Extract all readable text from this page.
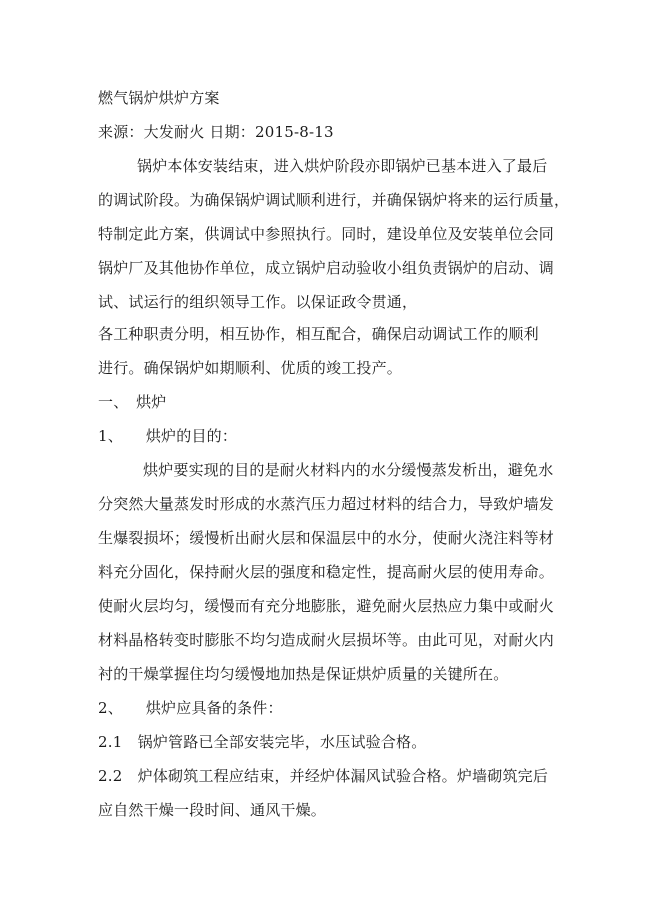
燃气锅炉烘炉方案
来源：大发耐火 日期：2015-8-13
锅炉本体安装结束，进入烘炉阶段亦即锅炉已基本进入了最后
的调试阶段。为确保锅炉调试顺利进行，并确保锅炉将来的运行质量，
特制定此方案，供调试中参照执行。同时，建设单位及安装单位会同
锅炉厂及其他协作单位，成立锅炉启动验收小组负责锅炉的启动、调
试、试运行的组织领导工作。以保证政令贯通，
各工种职责分明，相互协作，相互配合，确保启动调试工作的顺利
进行。确保锅炉如期顺利、优质的竣工投产。
一、　烘炉
1、　　烘炉的目的：
烘炉要实现的目的是耐火材料内的水分缓慢蒸发析出，避免水
分突然大量蒸发时形成的水蒸汽压力超过材料的结合力，导致炉墙发
生爆裂损坏；缓慢析出耐火层和保温层中的水分，使耐火浇注料等材
料充分固化，保持耐火层的强度和稳定性，提高耐火层的使用寿命。
使耐火层均匀，缓慢而有充分地膨胀，避免耐火层热应力集中或耐火
材料晶格转变时膨胀不均匀造成耐火层损坏等。由此可见，对耐火内
衬的干燥掌握住均匀缓慢地加热是保证烘炉质量的关键所在。
2、　　烘炉应具备的条件：
2.1　锅炉管路已全部安装完毕，水压试验合格。
2.2　炉体砌筑工程应结束，并经炉体漏风试验合格。炉墙砌筑完后
应自然干燥一段时间、通风干燥。
